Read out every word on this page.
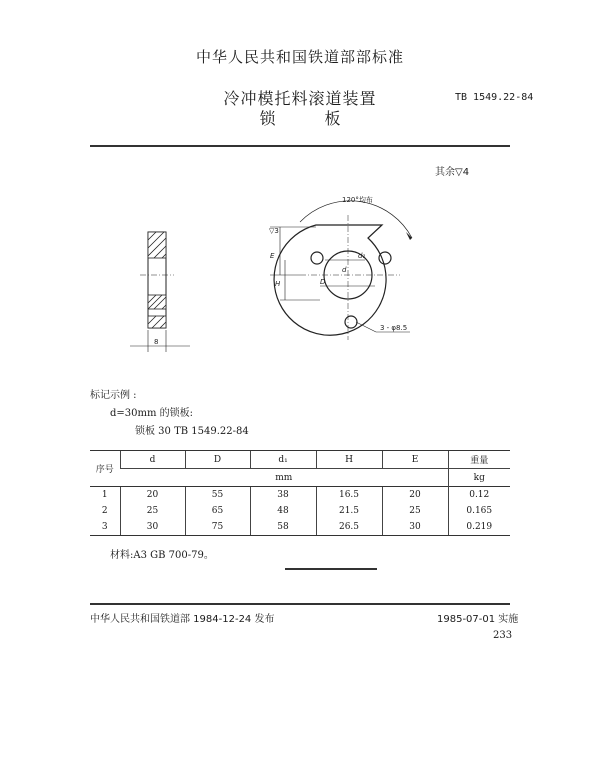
中华人民共和国铁道部部标准
冷冲模托料滚道装置
锁 板
TB 1549.22-84
其余▽4
8
120°均布
▽3
E
H	D
d
d₁
3 - φ8.5
标记示例 :
d=30mm 的锁板:
锁板 30 TB 1549.22-84
序号	d	D	d₁	H	E	重量
	mm					kg
1	20	55	38	16.5	20	0.12
2	25	65	48	21.5	25	0.165
3	30	75	58	26.5	30	0.219
材料:A3 GB 700-79。
中华人民共和国铁道部 1984-12-24 发布	1985-07-01 实施
233
